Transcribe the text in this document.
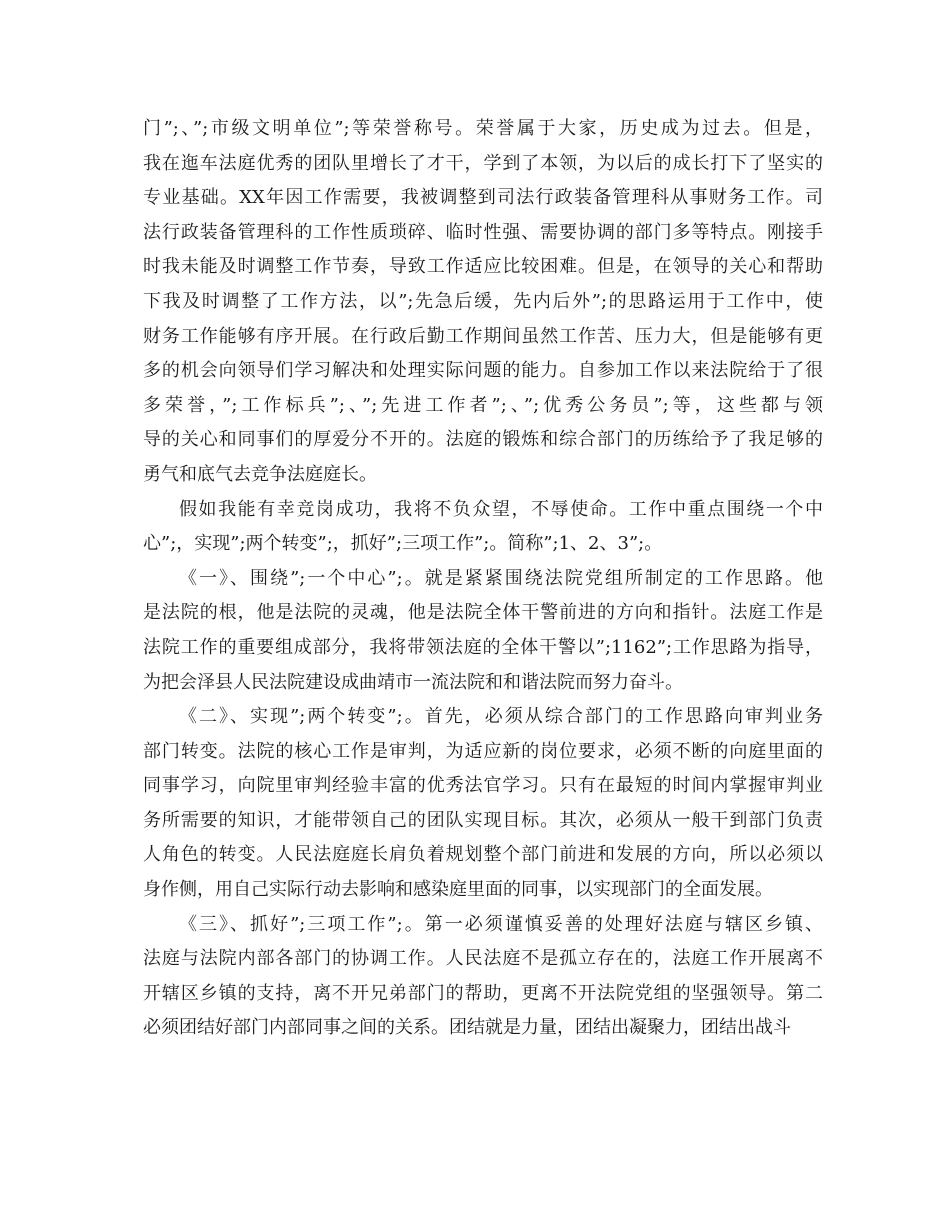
门”;、”;市级文明单位”;等荣誉称号。荣誉属于大家，历史成为过去。但是，
我在迤车法庭优秀的团队里增长了才干，学到了本领，为以后的成长打下了坚实的
专业基础。XX年因工作需要，我被调整到司法行政装备管理科从事财务工作。司
法行政装备管理科的工作性质琐碎、临时性强、需要协调的部门多等特点。刚接手
时我未能及时调整工作节奏，导致工作适应比较困难。但是，在领导的关心和帮助
下我及时调整了工作方法，以”;先急后缓，先内后外”;的思路运用于工作中，使
财务工作能够有序开展。在行政后勤工作期间虽然工作苦、压力大，但是能够有更
多的机会向领导们学习解决和处理实际问题的能力。自参加工作以来法院给于了很
多荣誉，”;工作标兵”;、”;先进工作者”;、”;优秀公务员”;等，这些都与领
导的关心和同事们的厚爱分不开的。法庭的锻炼和综合部门的历练给予了我足够的
勇气和底气去竞争法庭庭长。
假如我能有幸竞岗成功，我将不负众望，不辱使命。工作中重点围绕一个中
心”;，实现”;两个转变”;，抓好”;三项工作”;。简称”;1、2、3”;。
《一》、围绕”;一个中心”;。就是紧紧围绕法院党组所制定的工作思路。他
是法院的根，他是法院的灵魂，他是法院全体干警前进的方向和指针。法庭工作是
法院工作的重要组成部分，我将带领法庭的全体干警以”;1162”;工作思路为指导，
为把会泽县人民法院建设成曲靖市一流法院和和谐法院而努力奋斗。
《二》、实现”;两个转变”;。首先，必须从综合部门的工作思路向审判业务
部门转变。法院的核心工作是审判，为适应新的岗位要求，必须不断的向庭里面的
同事学习，向院里审判经验丰富的优秀法官学习。只有在最短的时间内掌握审判业
务所需要的知识，才能带领自己的团队实现目标。其次，必须从一般干到部门负责
人角色的转变。人民法庭庭长肩负着规划整个部门前进和发展的方向，所以必须以
身作侧，用自己实际行动去影响和感染庭里面的同事，以实现部门的全面发展。
《三》、抓好”;三项工作”;。第一必须谨慎妥善的处理好法庭与辖区乡镇、
法庭与法院内部各部门的协调工作。人民法庭不是孤立存在的，法庭工作开展离不
开辖区乡镇的支持，离不开兄弟部门的帮助，更离不开法院党组的坚强领导。第二
必须团结好部门内部同事之间的关系。团结就是力量，团结出凝聚力，团结出战斗
